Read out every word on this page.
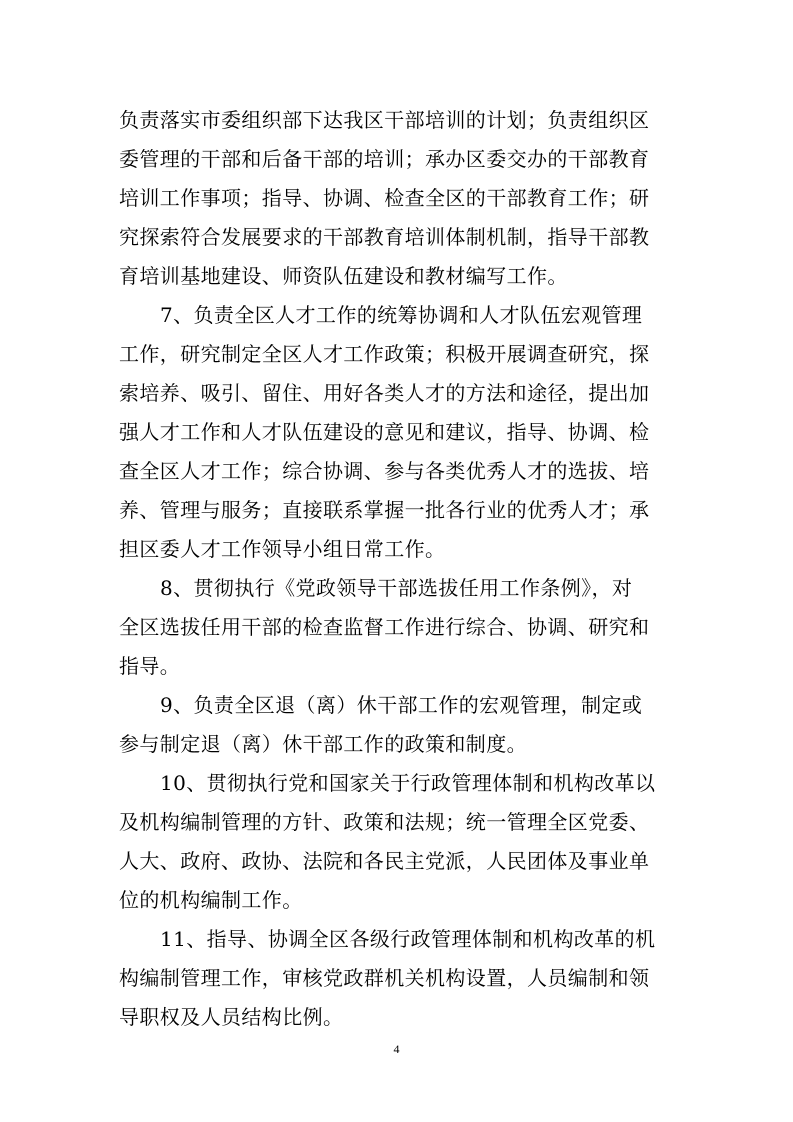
负责落实市委组织部下达我区干部培训的计划；负责组织区
委管理的干部和后备干部的培训；承办区委交办的干部教育
培训工作事项；指导、协调、检查全区的干部教育工作；研
究探索符合发展要求的干部教育培训体制机制，指导干部教
育培训基地建设、师资队伍建设和教材编写工作。
7、负责全区人才工作的统筹协调和人才队伍宏观管理
工作，研究制定全区人才工作政策；积极开展调查研究，探
索培养、吸引、留住、用好各类人才的方法和途径，提出加
强人才工作和人才队伍建设的意见和建议，指导、协调、检
查全区人才工作；综合协调、参与各类优秀人才的选拔、培
养、管理与服务；直接联系掌握一批各行业的优秀人才；承
担区委人才工作领导小组日常工作。
8、贯彻执行《党政领导干部选拔任用工作条例》，对
全区选拔任用干部的检查监督工作进行综合、协调、研究和
指导。
9、负责全区退（离）休干部工作的宏观管理，制定或
参与制定退（离）休干部工作的政策和制度。
10、贯彻执行党和国家关于行政管理体制和机构改革以
及机构编制管理的方针、政策和法规；统一管理全区党委、
人大、政府、政协、法院和各民主党派，人民团体及事业单
位的机构编制工作。
11、指导、协调全区各级行政管理体制和机构改革的机
构编制管理工作，审核党政群机关机构设置，人员编制和领
导职权及人员结构比例。
4
